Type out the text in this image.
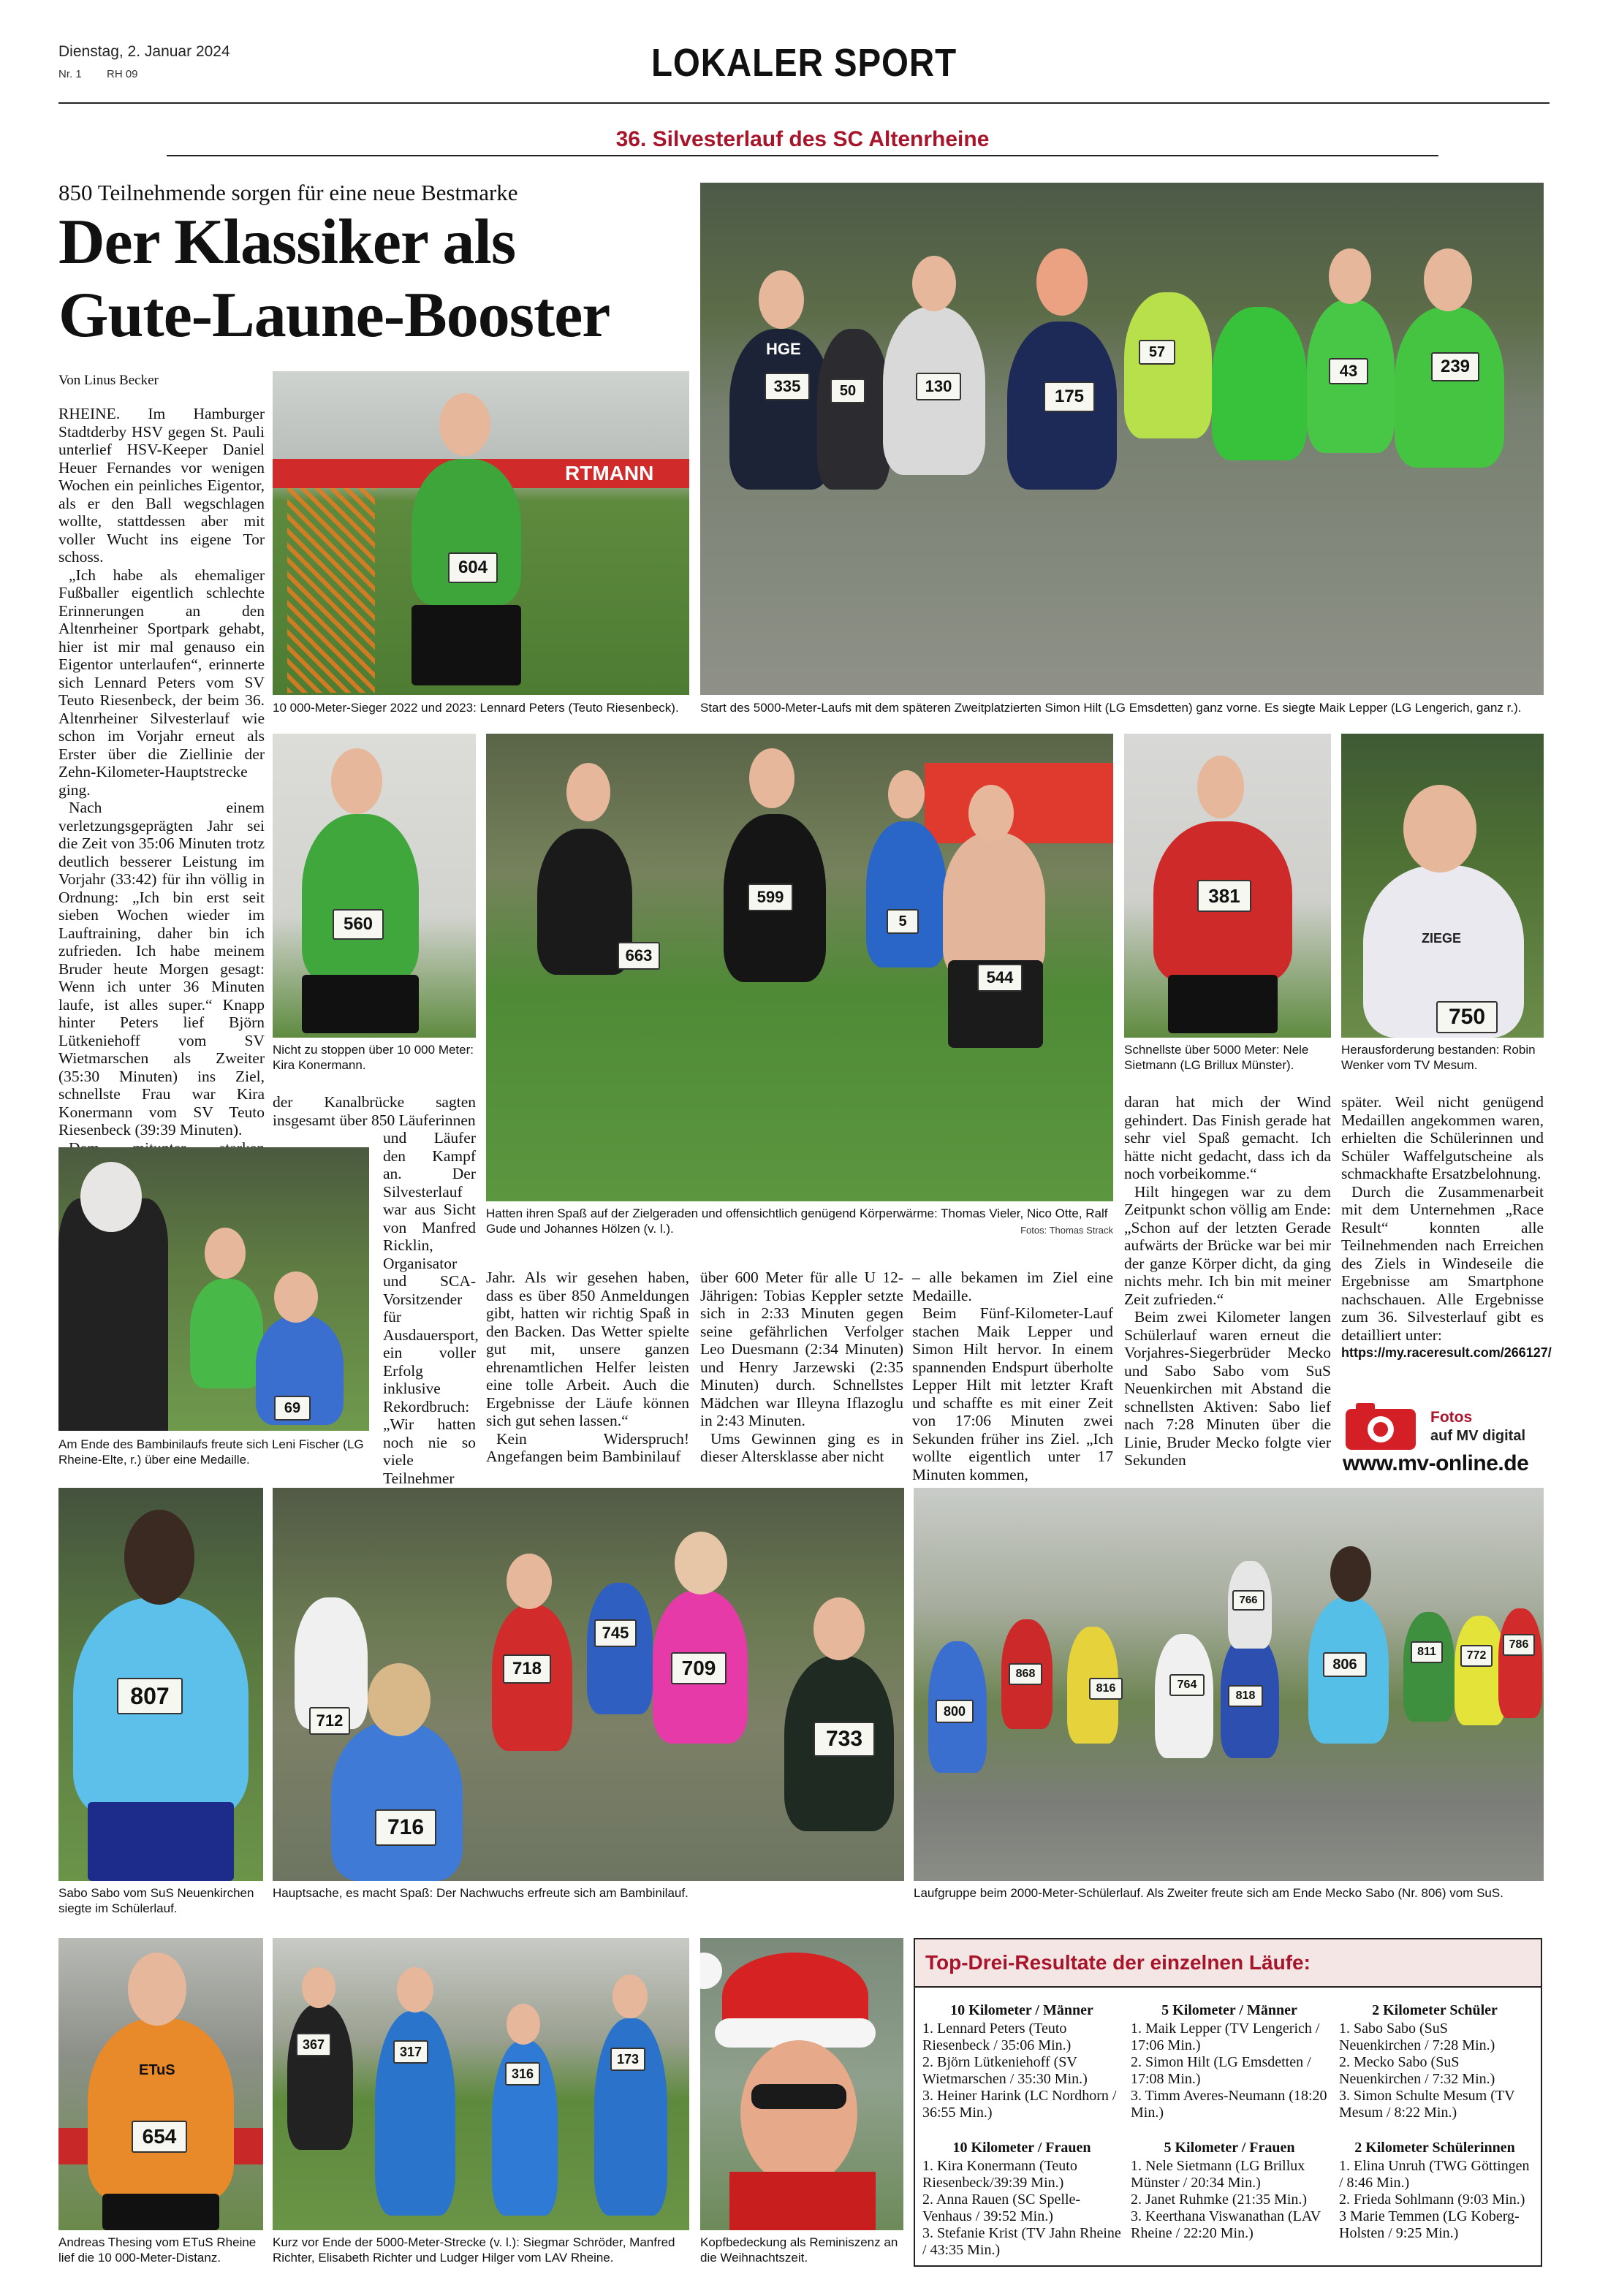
Dienstag, 2. Januar 2024
Nr. 1 RH 09	LOKALER SPORT
36. Silvesterlauf des SC Altenrheine
850 Teilnehmende sorgen für eine neue Bestmarke
Der Klassiker als
Gute-Laune-Booster
Von Linus Becker

RHEINE. Im Hamburger Stadtderby HSV gegen St. Pauli unterlief HSV-Keeper Daniel Heuer Fernandes vor wenigen Wochen ein peinliches Eigentor, als er den Ball wegschlagen wollte, stattdessen aber mit voller Wucht ins eigene Tor schoss.

„Ich habe als ehemaliger Fußballer eigentlich schlechte Erinnerungen an den Altenrheiner Sportpark gehabt, hier ist mir mal genauso ein Eigentor unterlaufen“, erinnerte sich Lennard Peters vom SV Teuto Riesenbeck, der beim 36. Altenrheiner Silvesterlauf wie schon im Vorjahr erneut als Erster über die Ziellinie der Zehn-Kilometer-Hauptstrecke ging.

Nach einem verletzungsgeprägten Jahr sei die Zeit von 35:06 Minuten trotz deutlich besserer Leistung im Vorjahr (33:42) für ihn völlig in Ordnung: „Ich bin erst seit sieben Wochen wieder im Lauftraining, daher bin ich zufrieden. Ich habe meinem Bruder heute Morgen gesagt: Wenn ich unter 36 Minuten laufe, ist alles super.“ Knapp hinter Peters lief Björn Lütkeniehoff vom SV Wietmarschen als Zweiter (35:30 Minuten) ins Ziel, schnellste Frau war Kira Konermann vom SV Teuto Riesenbeck (39:39 Minuten).

RTMANN
604
10 000-Meter-Sieger 2022 und 2023: Lennard Peters (Teuto Riesenbeck).
335	50	130
175
57
43	239
HGE
Start des 5000-Meter-Laufs mit dem späteren Zweitplatzierten Simon Hilt (LG Emsdetten) ganz vorne. Es siegte Maik Lepper (LG Lengerich, ganz r.).
560
Nicht zu stoppen über 10 000 Meter: Kira Konermann.
663
599
5
544
Hatten ihren Spaß auf der Zielgeraden und offensichtlich genügend Körperwärme: Thomas Vieler, Nico Otte, Ralf Gude und Johannes Hölzen (v. l.).	Fotos: Thomas Strack
381
Schnellste über 5000 Meter: Nele Sietmann (LG Brillux Münster).
ZIEGE
750
Herausforderung bestanden: Robin Wenker vom TV Mesum.
der Kanalbrücke sagten insgesamt über 850 Läuferinnen
69
Am Ende des Bambinilaufs freute sich Leni Fischer (LG Rheine-Elte, r.) über eine Medaille.
und Läufer den Kampf an. Der Silvesterlauf war aus Sicht von Manfred Ricklin, Organisator und SCA-Vorsitzender für Ausdauersport, ein voller Erfolg inklusive Rekordbruch: „Wir hatten noch nie so viele Teilnehmer

Jahr. Als wir gesehen haben, dass es über 850 Anmeldungen gibt, hatten wir richtig Spaß in den Backen. Das Wetter spielte gut mit, unsere ganzen ehrenamtlichen Helfer leisten eine tolle Arbeit. Auch die Ergebnisse der Läufe können sich gut sehen lassen.“

Kein Widerspruch! Angefangen beim Bambinilauf

über 600 Meter für alle U 12-Jährigen: Tobias Keppler setzte sich in 2:33 Minuten gegen seine gefährlichen Verfolger Leo Duesmann (2:34 Minuten) und Henry Jarzewski (2:35 Minuten) durch. Schnellstes Mädchen war Illeyna Iflazoglu in 2:43 Minuten.

Ums Gewinnen ging es in dieser Altersklasse aber nicht

– alle bekamen im Ziel eine Medaille.

Beim Fünf-Kilometer-Lauf stachen Maik Lepper und Simon Hilt hervor. In einem spannenden Endspurt überholte Lepper Hilt mit letzter Kraft und schaffte es mit einer Zeit von 17:06 Minuten zwei Sekunden früher ins Ziel. „Ich wollte eigentlich unter 17 Minuten kommen,

daran hat mich der Wind gehindert. Das Finish gerade hat sehr viel Spaß gemacht. Ich hätte nicht gedacht, dass ich da noch vorbeikomme.“

Hilt hingegen war zu dem Zeitpunkt schon völlig am Ende: „Schon auf der letzten Gerade aufwärts der Brücke war bei mir der ganze Körper dicht, da ging nichts mehr. Ich bin mit meiner Zeit zufrieden.“

Beim zwei Kilometer langen Schülerlauf waren erneut die Vorjahres-Siegerbrüder Mecko und Sabo Sabo vom SuS Neuenkirchen mit Abstand die schnellsten Aktiven: Sabo lief nach 7:28 Minuten über die Linie, Bruder Mecko folgte vier Sekunden

später. Weil nicht genügend Medaillen angekommen waren, erhielten die Schülerinnen und Schüler Waffelgutscheine als schmackhafte Ersatzbelohnung.

Durch die Zusammenarbeit mit dem Unternehmen „Race Result“ konnten alle Teilnehmenden nach Erreichen des Ziels in Windeseile die Ergebnisse am Smartphone nachschauen. Alle Ergebnisse zum 36. Silvesterlauf gibt es detailliert unter:

https://my.raceresult.com/266127/

Fotos
auf MV digital
www.mv-online.de
807
Sabo Sabo vom SuS Neuenkirchen siegte im Schülerlauf.
712
716
718
745
709
733
Hauptsache, es macht Spaß: Der Nachwuchs erfreute sich am Bambinilauf.
800
868
816	764
818
806
811	772
786
766
Laufgruppe beim 2000-Meter-Schülerlauf. Als Zweiter freute sich am Ende Mecko Sabo (Nr. 806) vom SuS.
ETuS
654
Andreas Thesing vom ETuS Rheine lief die 10 000-Meter-Distanz.
367	317
316
173
Kurz vor Ende der 5000-Meter-Strecke (v. l.): Siegmar Schröder, Manfred Richter, Elisabeth Richter und Ludger Hilger vom LAV Rheine.
Kopfbedeckung als Reminiszenz an die Weihnachtszeit.
Top-Drei-Resultate der einzelnen Läufe:
10 Kilometer / Männer
1. Lennard Peters (Teuto Riesenbeck / 35:06 Min.)
2. Björn Lütkeniehoff (SV Wietmarschen / 35:30 Min.)
3. Heiner Harink (LC Nordhorn / 36:55 Min.)
5 Kilometer / Männer
1. Maik Lepper (TV Lengerich / 17:06 Min.)
2. Simon Hilt (LG Emsdetten / 17:08 Min.)
3. Timm Averes-Neumann (18:20 Min.)
2 Kilometer Schüler
1. Sabo Sabo (SuS Neuenkirchen / 7:28 Min.)
2. Mecko Sabo (SuS Neuenkirchen / 7:32 Min.)
3. Simon Schulte Mesum (TV Mesum / 8:22 Min.)
10 Kilometer / Frauen
1. Kira Konermann (Teuto Riesenbeck/39:39 Min.)
2. Anna Rauen (SC Spelle-Venhaus / 39:52 Min.)
3. Stefanie Krist (TV Jahn Rheine / 43:35 Min.)
5 Kilometer / Frauen
1. Nele Sietmann (LG Brillux Münster / 20:34 Min.)
2. Janet Ruhmke (21:35 Min.)
3. Keerthana Viswanathan (LAV Rheine / 22:20 Min.)
2 Kilometer Schülerinnen
1. Elina Unruh (TWG Göttingen / 8:46 Min.)
2. Frieda Sohlmann (9:03 Min.)
3 Marie Temmen (LG Koberg-Holsten / 9:25 Min.)
